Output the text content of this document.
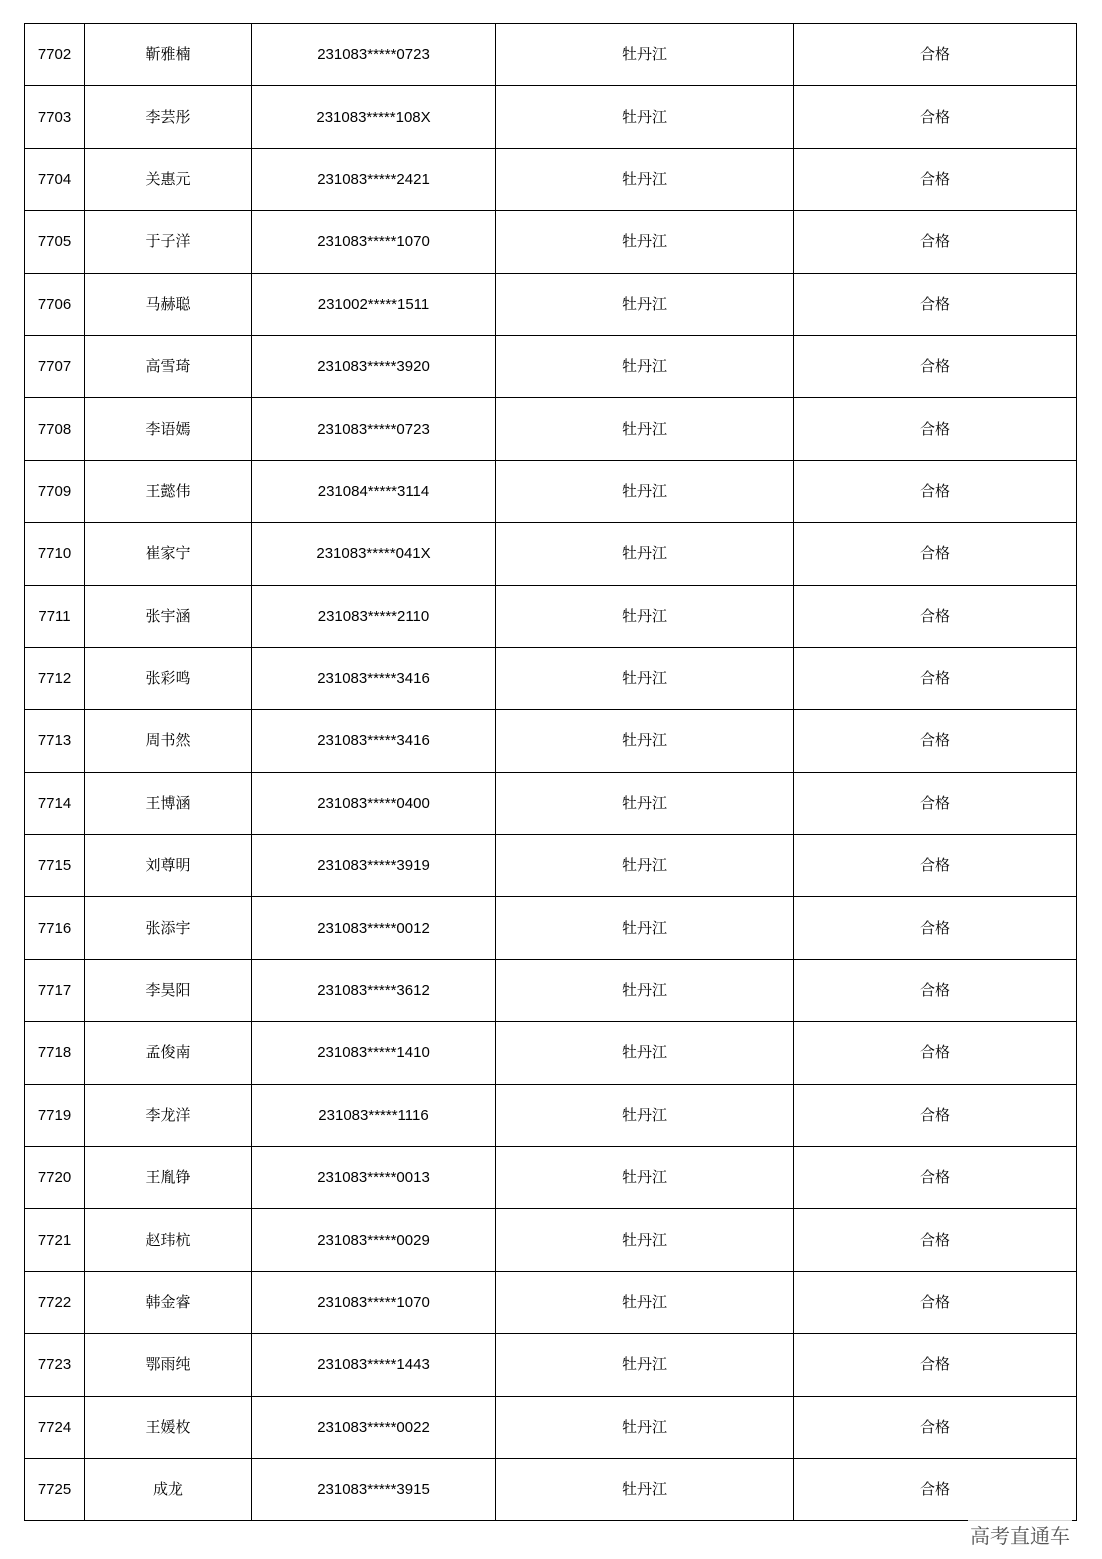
7702	靳雅楠	231083*****0723	牡丹江	合格
7703	李芸彤	231083*****108X	牡丹江	合格
7704	关惠元	231083*****2421	牡丹江	合格
7705	于子洋	231083*****1070	牡丹江	合格
7706	马赫聪	231002*****1511	牡丹江	合格
7707	高雪琦	231083*****3920	牡丹江	合格
7708	李语嫣	231083*****0723	牡丹江	合格
7709	王懿伟	231084*****3114	牡丹江	合格
7710	崔家宁	231083*****041X	牡丹江	合格
7711	张宇涵	231083*****2110	牡丹江	合格
7712	张彩鸣	231083*****3416	牡丹江	合格
7713	周书然	231083*****3416	牡丹江	合格
7714	王博涵	231083*****0400	牡丹江	合格
7715	刘尊明	231083*****3919	牡丹江	合格
7716	张添宇	231083*****0012	牡丹江	合格
7717	李昊阳	231083*****3612	牡丹江	合格
7718	孟俊南	231083*****1410	牡丹江	合格
7719	李龙洋	231083*****1116	牡丹江	合格
7720	王胤铮	231083*****0013	牡丹江	合格
7721	赵玮杭	231083*****0029	牡丹江	合格
7722	韩金睿	231083*****1070	牡丹江	合格
7723	鄂雨纯	231083*****1443	牡丹江	合格
7724	王媛枚	231083*****0022	牡丹江	合格
7725	成龙	231083*****3915	牡丹江	合格
高考直通车
